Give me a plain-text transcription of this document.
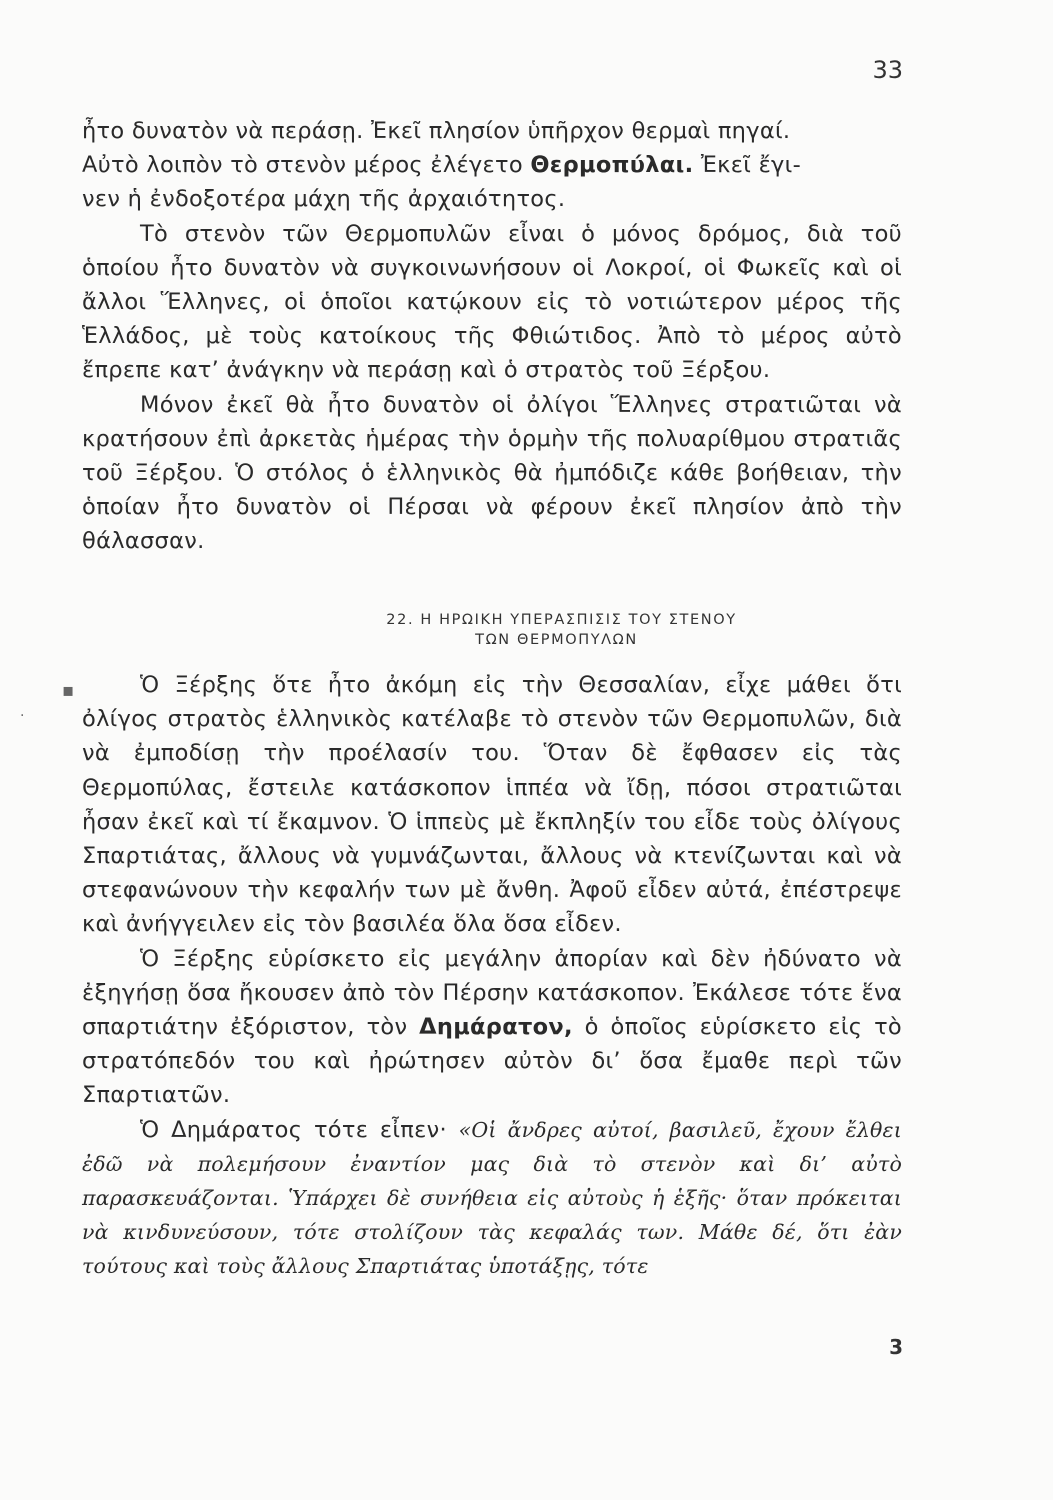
33

ἦτο δυνατὸν νὰ περάσῃ. Ἐκεῖ πλησίον ὑπῆρχον θερμαὶ πηγαί.
Αὐτὸ λοιπὸν τὸ στενὸν μέρος ἐλέγετο Θερμοπύλαι. Ἐκεῖ ἔγι-
νεν ἡ ἐνδοξοτέρα μάχη τῆς ἀρχαιότητος.

Τὸ στενὸν τῶν Θερμοπυλῶν εἶναι ὁ μόνος δρόμος, διὰ τοῦ ὁποίου ἦτο δυνατὸν νὰ συγκοινωνήσουν οἱ Λοκροί, οἱ Φωκεῖς καὶ οἱ ἄλλοι Ἕλληνες, οἱ ὁποῖοι κατῴκουν εἰς τὸ νοτιώτερον μέρος τῆς Ἑλλάδος, μὲ τοὺς κατοίκους τῆς Φθιώτιδος. Ἀπὸ τὸ μέρος αὐτὸ ἔπρεπε κατ’ ἀνάγκην νὰ περάσῃ καὶ ὁ στρατὸς τοῦ Ξέρξου.

Μόνον ἐκεῖ θὰ ἦτο δυνατὸν οἱ ὀλίγοι Ἕλληνες στρατιῶται νὰ κρατήσουν ἐπὶ ἀρκετὰς ἡμέρας τὴν ὁρμὴν τῆς πολυαρίθμου στρατιᾶς τοῦ Ξέρξου. Ὁ στόλος ὁ ἑλληνικὸς θὰ ἠμπόδιζε κάθε βοήθειαν, τὴν ὁποίαν ἦτο δυνατὸν οἱ Πέρσαι νὰ φέρουν ἐκεῖ πλησίον ἀπὸ τὴν θάλασσαν.

22. Η ΗΡΩΙΚΗ ΥΠΕΡΑΣΠΙΣΙΣ ΤΟΥ ΣΤΕΝΟΥ
ΤΩΝ ΘΕΡΜΟΠΥΛΩΝ

Ὁ Ξέρξης ὅτε ἦτο ἀκόμη εἰς τὴν Θεσσαλίαν, εἶχε μάθει ὅτι ὀλίγος στρατὸς ἑλληνικὸς κατέλαβε τὸ στενὸν τῶν Θερμοπυλῶν, διὰ νὰ ἐμποδίσῃ τὴν προέλασίν του. Ὅταν δὲ ἔφθασεν εἰς τὰς Θερμοπύλας, ἔστειλε κατάσκοπον ἱππέα νὰ ἴδῃ, πόσοι στρατιῶται ἦσαν ἐκεῖ καὶ τί ἔκαμνον. Ὁ ἱππεὺς μὲ ἔκπληξίν του εἶδε τοὺς ὀλίγους Σπαρτιάτας, ἄλλους νὰ γυμνάζωνται, ἄλλους νὰ κτενίζωνται καὶ νὰ στεφανώνουν τὴν κεφαλήν των μὲ ἄνθη. Ἀφοῦ εἶδεν αὐτά, ἐπέστρεψε καὶ ἀνήγγειλεν εἰς τὸν βασιλέα ὅλα ὅσα εἶδεν.

Ὁ Ξέρξης εὑρίσκετο εἰς μεγάλην ἀπορίαν καὶ δὲν ἠδύνατο νὰ ἐξηγήσῃ ὅσα ἤκουσεν ἀπὸ τὸν Πέρσην κατάσκοπον. Ἐκάλεσε τότε ἕνα σπαρτιάτην ἐξόριστον, τὸν Δημάρατον, ὁ ὁποῖος εὑρίσκετο εἰς τὸ στρατόπεδόν του καὶ ἠρώτησεν αὐτὸν δι’ ὅσα ἔμαθε περὶ τῶν Σπαρτιατῶν.

Ὁ Δημάρατος τότε εἶπεν· «Οἱ ἄνδρες αὐτοί, βασιλεῦ, ἔχουν ἔλθει ἐδῶ νὰ πολεμήσουν ἐναντίον μας διὰ τὸ στενὸν καὶ δι’ αὐτὸ παρασκευάζονται. Ὑπάρχει δὲ συνήθεια εἰς αὐτοὺς ἡ ἑξῆς· ὅταν πρόκειται νὰ κινδυνεύσουν, τότε στολίζουν τὰς κεφαλάς των. Μάθε δέ, ὅτι ἐὰν τούτους καὶ τοὺς ἄλλους Σπαρτιάτας ὑποτάξῃς, τότε

3
▪
·
